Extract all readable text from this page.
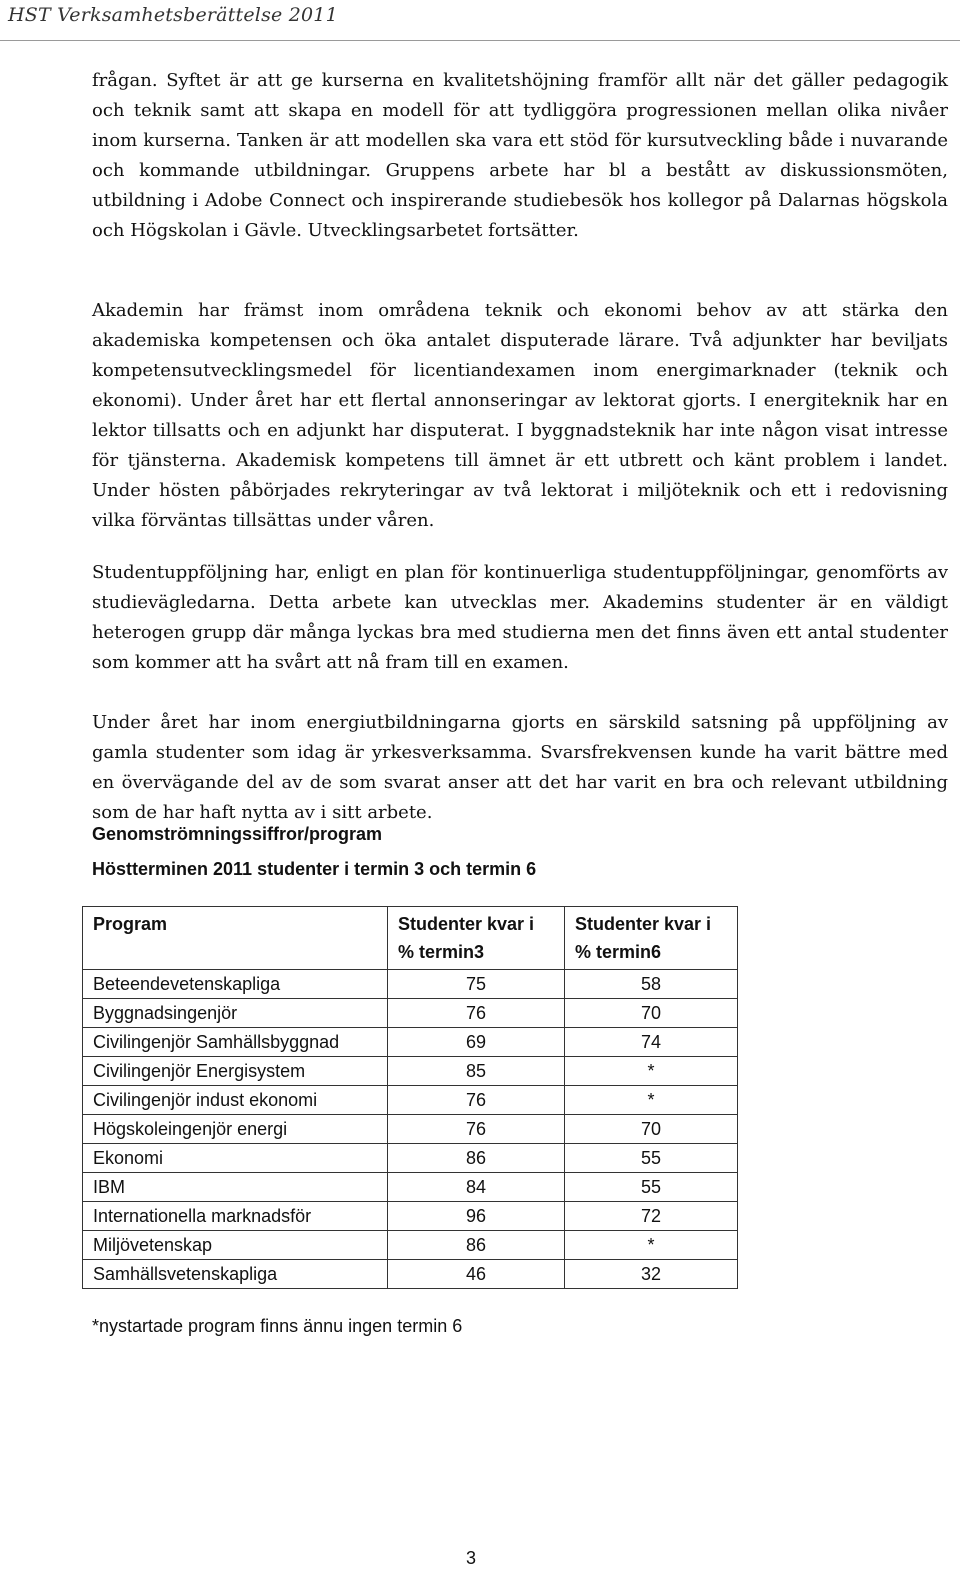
HST Verksamhetsberättelse 2011

frågan. Syftet är att ge kurserna en kvalitetshöjning framför allt när det gäller pedagogik och teknik samt att skapa en modell för att tydliggöra progressionen mellan olika nivåer inom kurserna. Tanken är att modellen ska vara ett stöd för kursutveckling både i nuvarande och kommande utbildningar. Gruppens arbete har bl a bestått av diskussionsmöten, utbildning i Adobe Connect och inspirerande studiebesök hos kollegor på Dalarnas högskola och Högskolan i Gävle. Utvecklingsarbetet fortsätter.

Akademin har främst inom områdena teknik och ekonomi behov av att stärka den akademiska kompetensen och öka antalet disputerade lärare. Två adjunkter har beviljats kompetensutvecklingsmedel för licentiandexamen inom energimarknader (teknik och ekonomi). Under året har ett flertal annonseringar av lektorat gjorts. I energiteknik har en lektor tillsatts och en adjunkt har disputerat. I byggnadsteknik har inte någon visat intresse för tjänsterna. Akademisk kompetens till ämnet är ett utbrett och känt problem i landet. Under hösten påbörjades rekryteringar av två lektorat i miljöteknik och ett i redovisning vilka förväntas tillsättas under våren.

Studentuppföljning har, enligt en plan för kontinuerliga studentuppföljningar, genomförts av studievägledarna. Detta arbete kan utvecklas mer. Akademins studenter är en väldigt heterogen grupp där många lyckas bra med studierna men det finns även ett antal studenter som kommer att ha svårt att nå fram till en examen.

Under året har inom energiutbildningarna gjorts en särskild satsning på uppföljning av gamla studenter som idag är yrkesverksamma. Svarsfrekvensen kunde ha varit bättre med en övervägande del av de som svarat anser att det har varit en bra och relevant utbildning som de har haft nytta av i sitt arbete.

Genomströmningssiffror/program
Höstterminen 2011 studenter i termin 3 och termin 6
Program	Studenter kvar i % termin3	Studenter kvar i % termin6
Beteendevetenskapliga	75	58
Byggnadsingenjör	76	70
Civilingenjör Samhällsbyggnad	69	74
Civilingenjör Energisystem	85	*
Civilingenjör indust ekonomi	76	*
Högskoleingenjör energi	76	70
Ekonomi	86	55
IBM	84	55
Internationella marknadsför	96	72
Miljövetenskap	86	*
Samhällsvetenskapliga	46	32
*nystartade program finns ännu ingen termin 6
3
